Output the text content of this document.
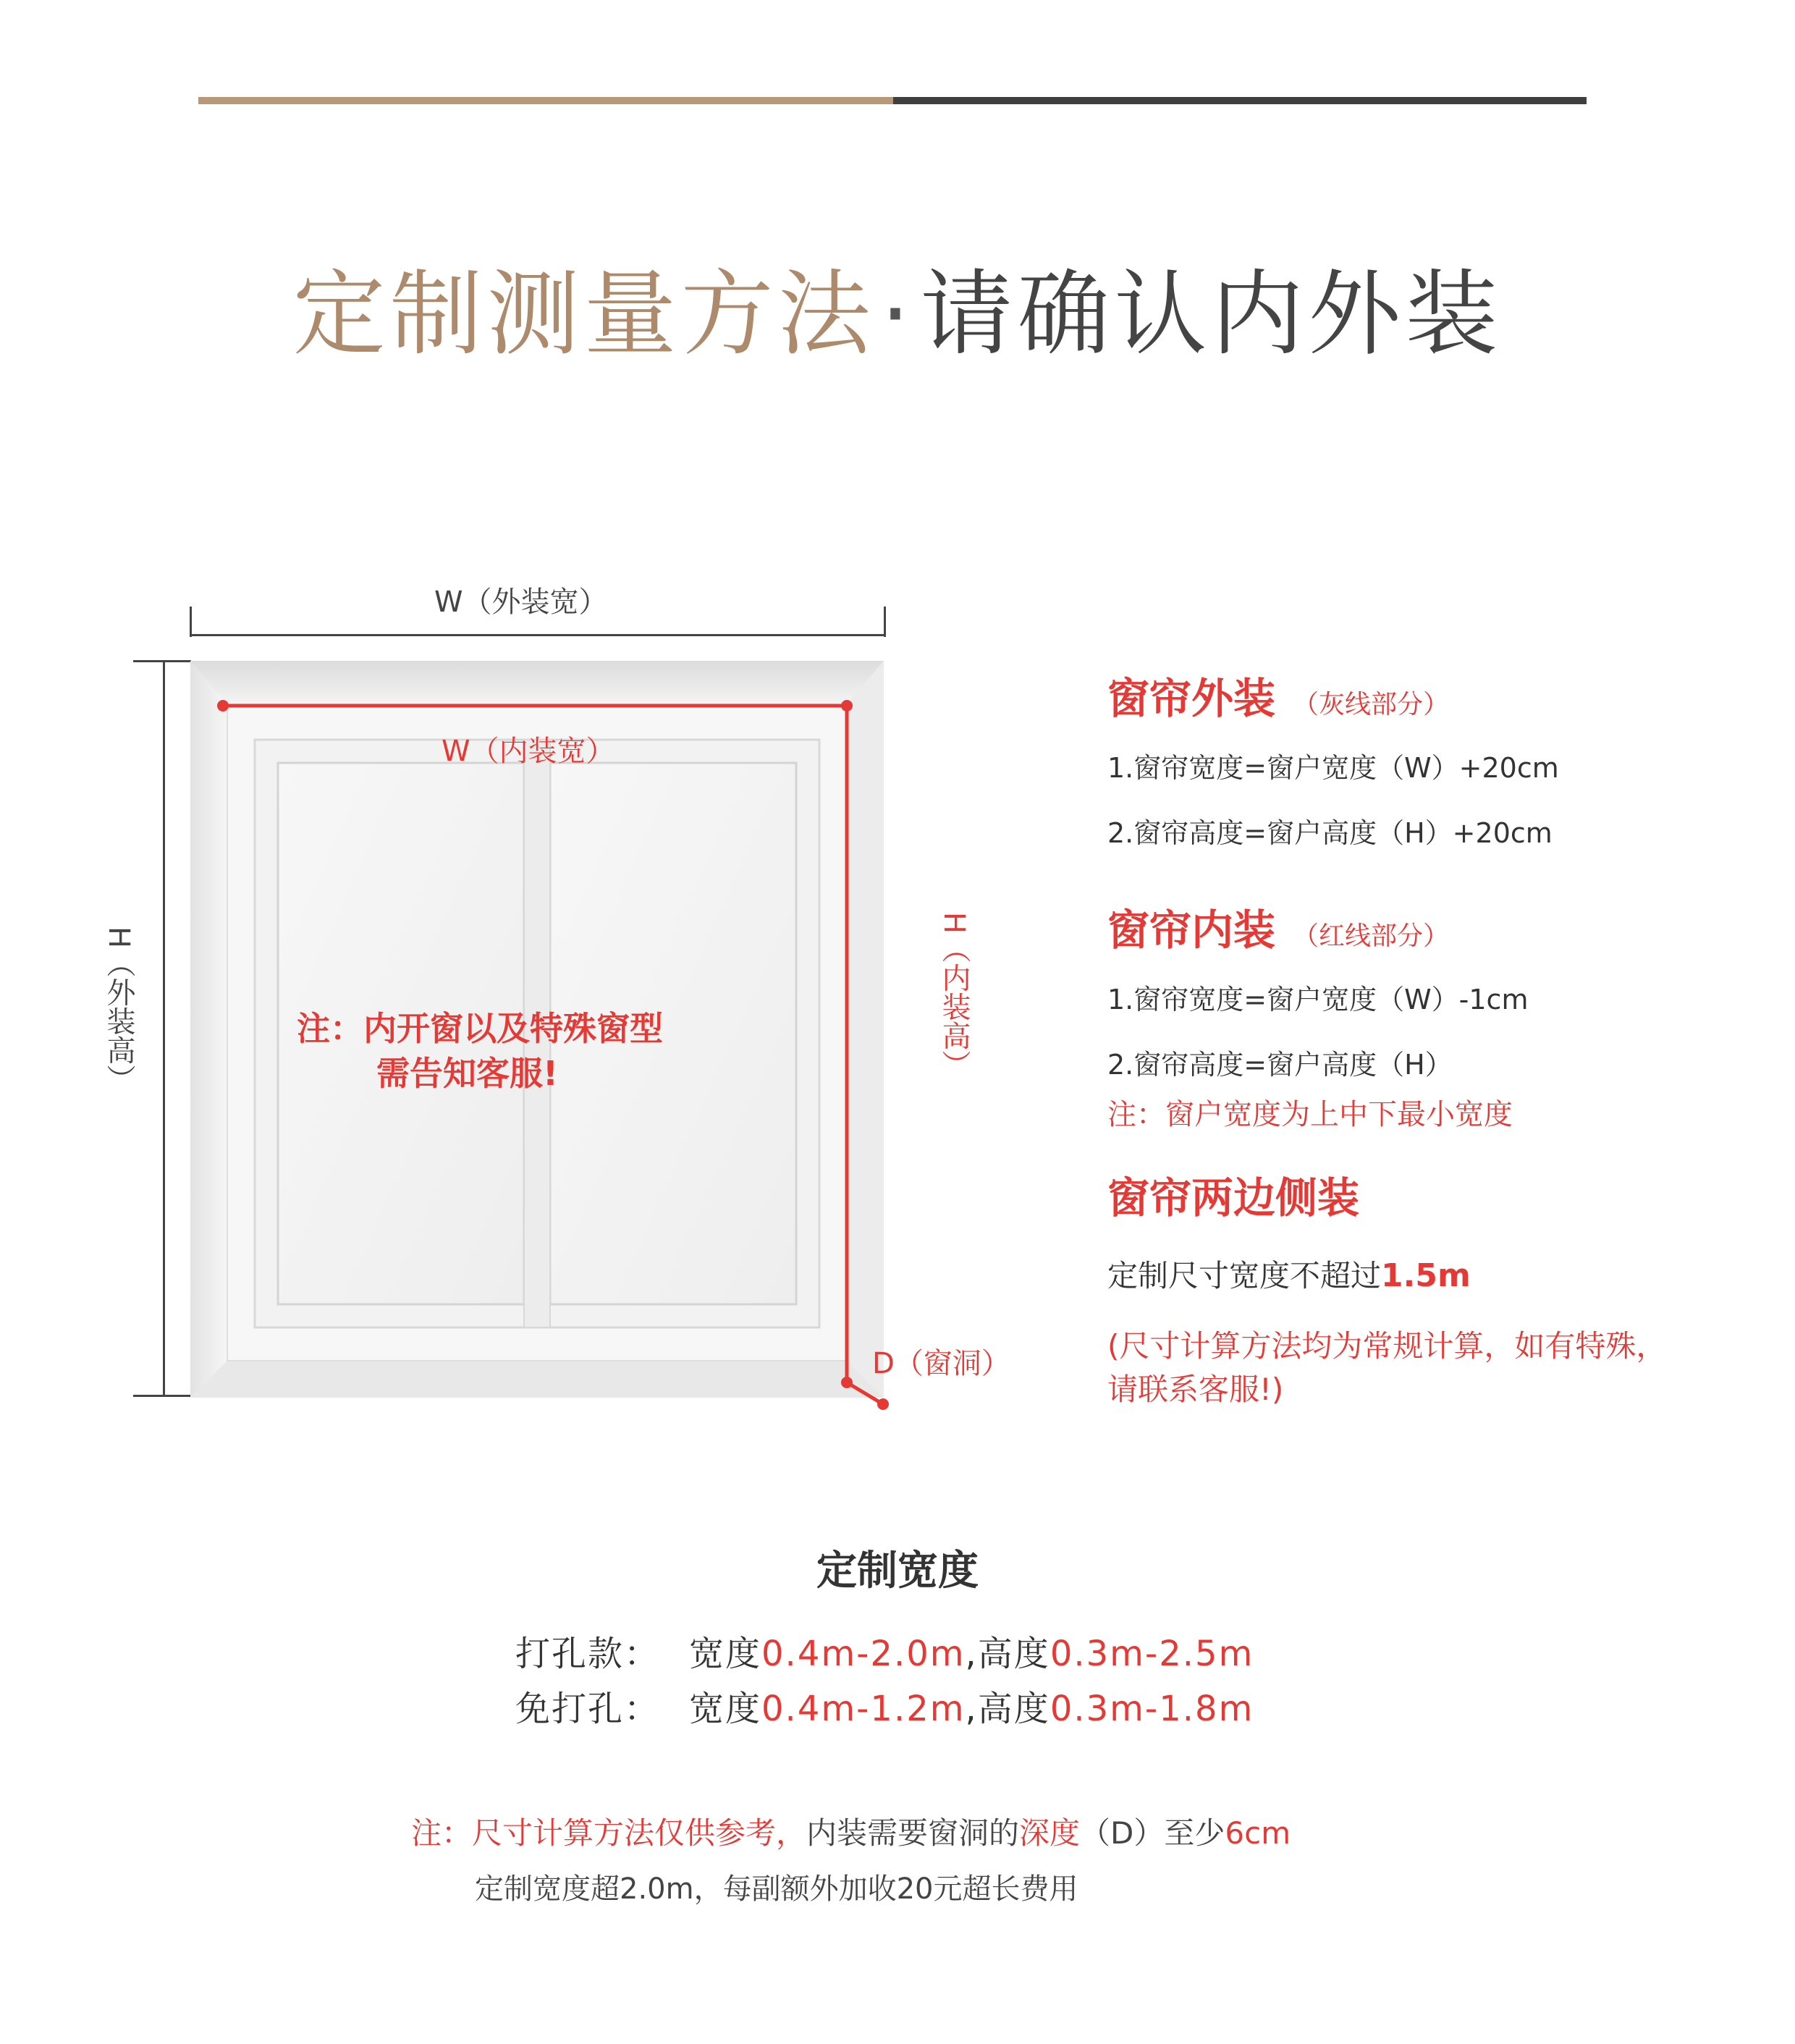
定制测量方法·请确认内外装
W（外装宽）
W（内装宽）
H（外装高）	H（内装高）
D（窗洞）
注：内开窗以及特殊窗型
需告知客服!
窗帘外装 （灰线部分）
1.窗帘宽度=窗户宽度（W）+20cm
2.窗帘高度=窗户高度（H）+20cm
窗帘内装 （红线部分）
1.窗帘宽度=窗户宽度（W）-1cm
2.窗帘高度=窗户高度（H）
注：窗户宽度为上中下最小宽度
窗帘两边侧装
定制尺寸宽度不超过1.5m
(尺寸计算方法均为常规计算，如有特殊，
请联系客服!)
定制宽度
打孔款： 宽度0.4m-2.0m,高度0.3m-2.5m
免打孔： 宽度0.4m-1.2m,高度0.3m-1.8m
注：尺寸计算方法仅供参考，内装需要窗洞的深度（D）至少6cm
定制宽度超2.0m，每副额外加收20元超长费用
